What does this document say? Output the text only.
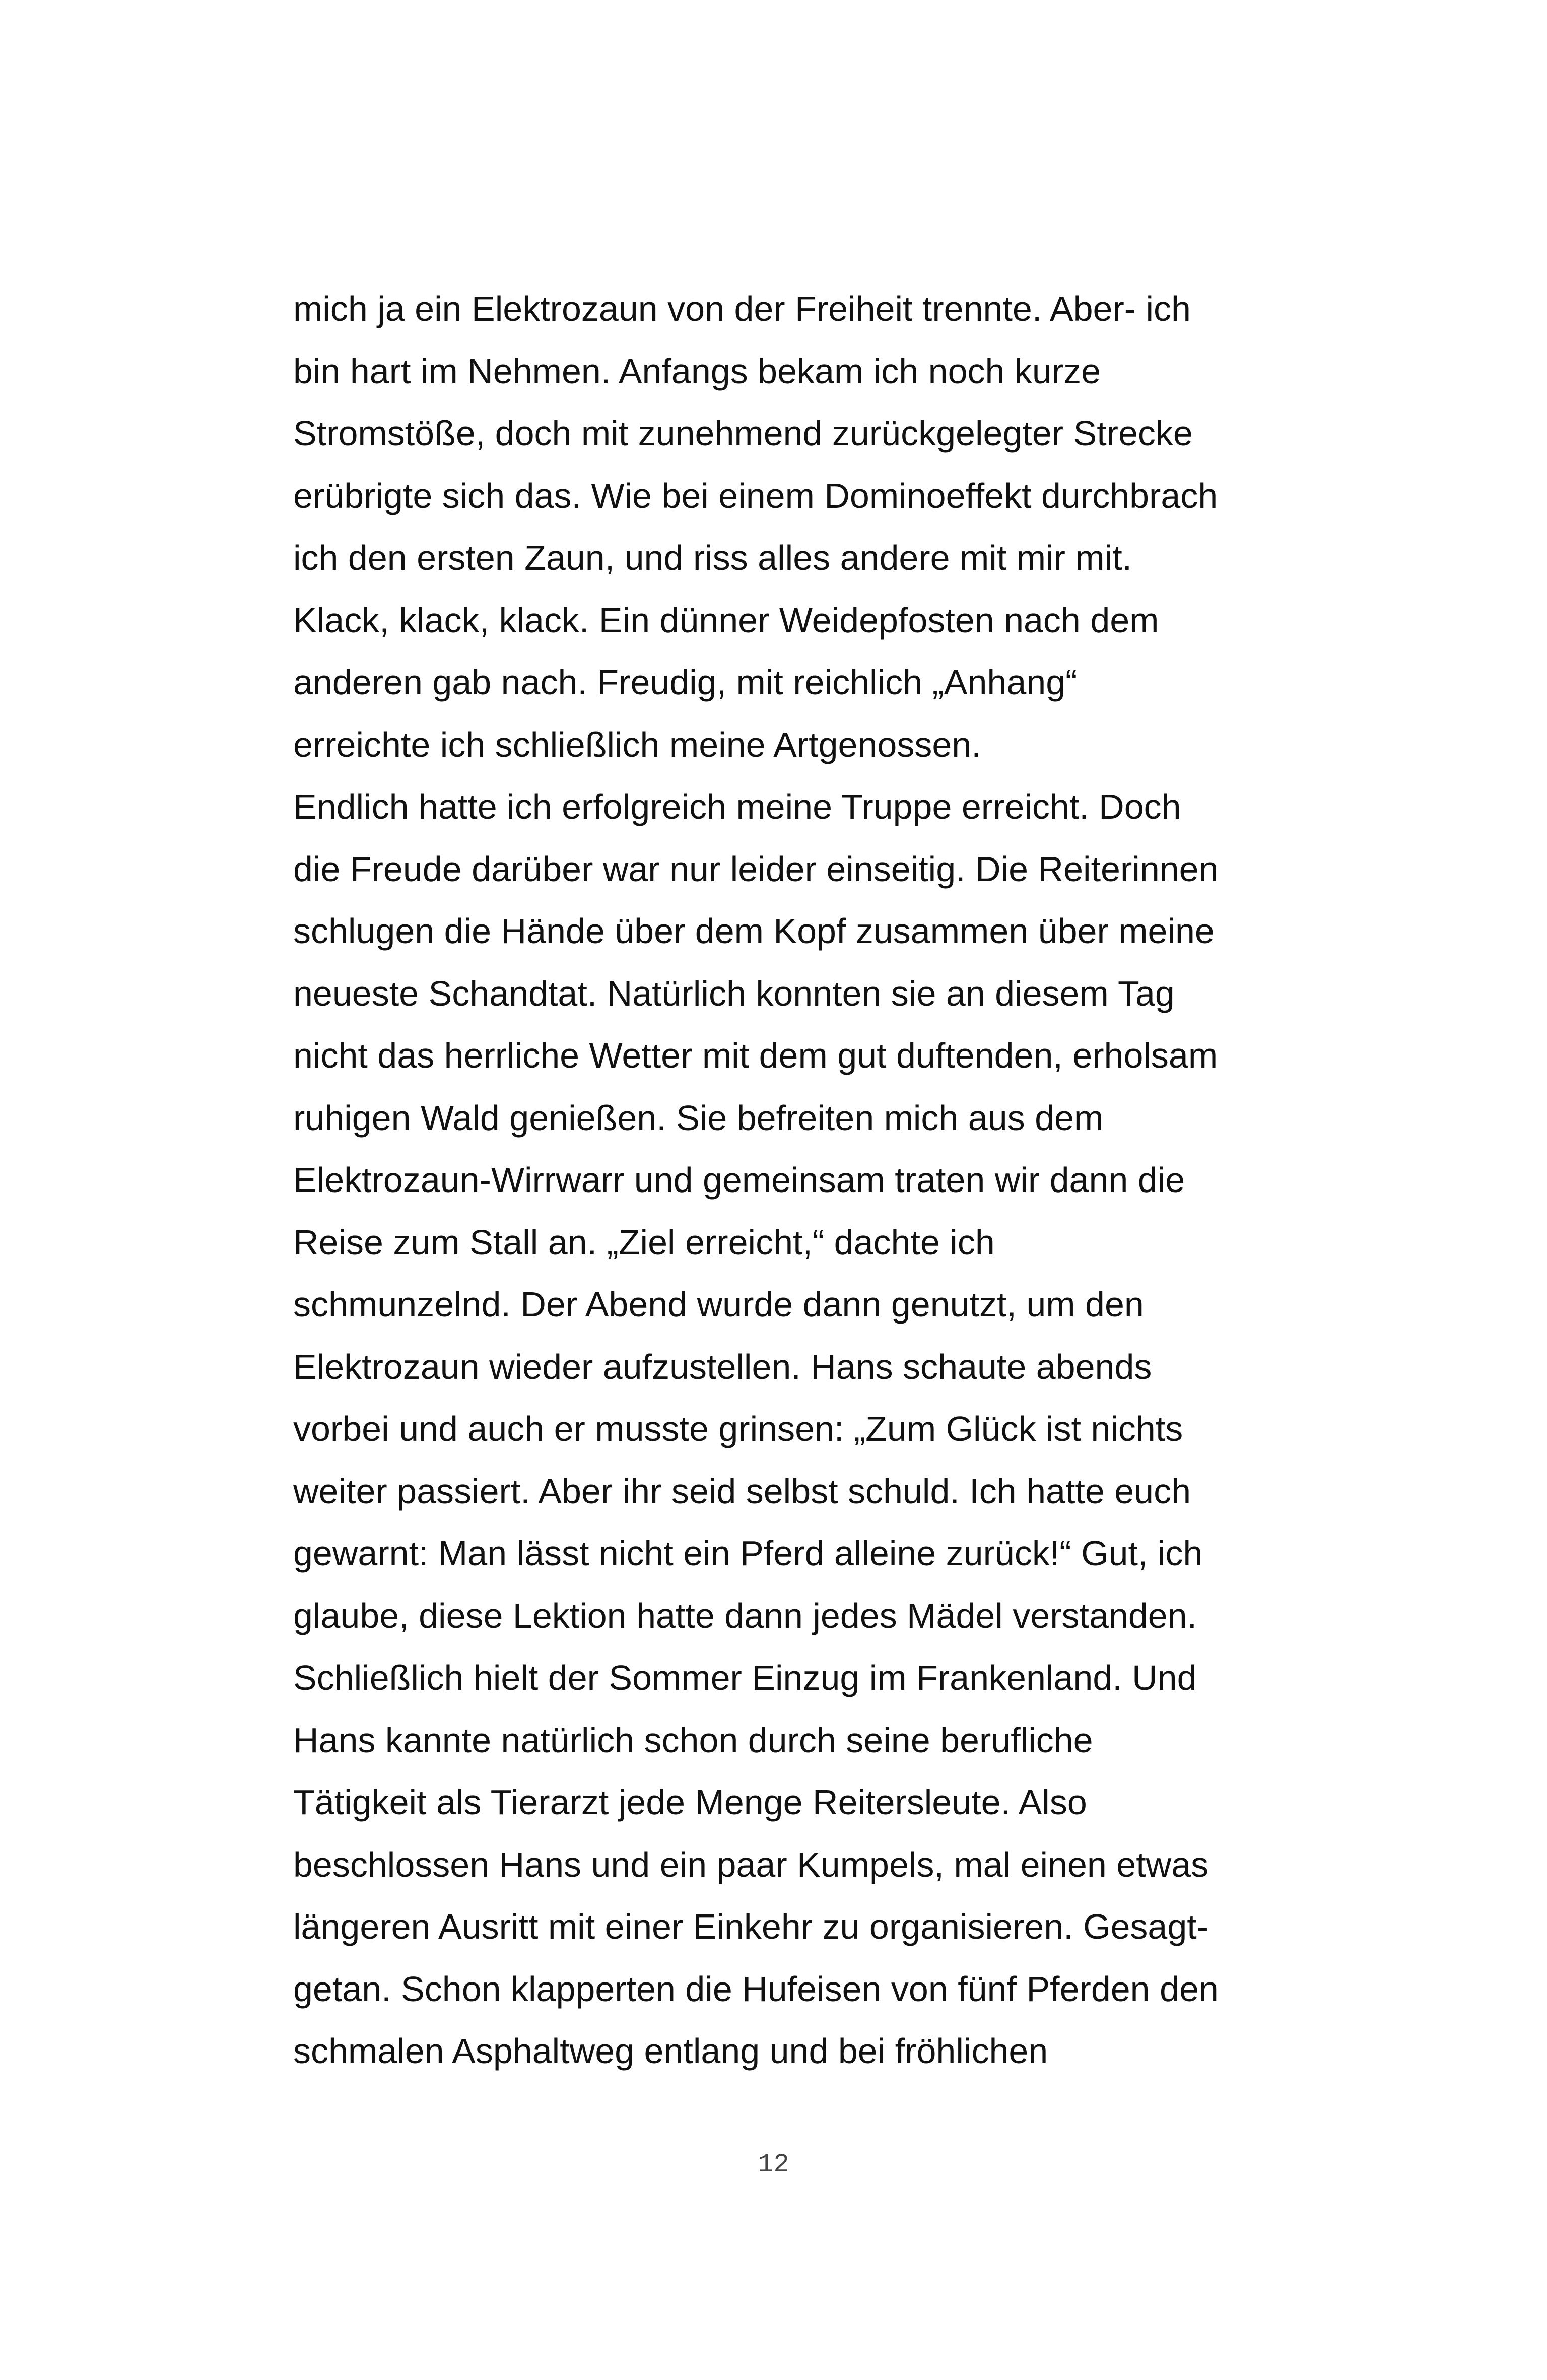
mich ja ein Elektrozaun von der Freiheit trennte. Aber- ich
bin hart im Nehmen. Anfangs bekam ich noch kurze
Stromstöße, doch mit zunehmend zurückgelegter Strecke
erübrigte sich das. Wie bei einem Dominoeffekt durchbrach
ich den ersten Zaun, und riss alles andere mit mir mit.
Klack, klack, klack. Ein dünner Weidepfosten nach dem
anderen gab nach. Freudig, mit reichlich „Anhang“
erreichte ich schließlich meine Artgenossen.
Endlich hatte ich erfolgreich meine Truppe erreicht. Doch
die Freude darüber war nur leider einseitig. Die Reiterinnen
schlugen die Hände über dem Kopf zusammen über meine
neueste Schandtat. Natürlich konnten sie an diesem Tag
nicht das herrliche Wetter mit dem gut duftenden, erholsam
ruhigen Wald genießen. Sie befreiten mich aus dem
Elektrozaun-Wirrwarr und gemeinsam traten wir dann die
Reise zum Stall an. „Ziel erreicht,“ dachte ich
schmunzelnd. Der Abend wurde dann genutzt, um den
Elektrozaun wieder aufzustellen. Hans schaute abends
vorbei und auch er musste grinsen: „Zum Glück ist nichts
weiter passiert. Aber ihr seid selbst schuld. Ich hatte euch
gewarnt: Man lässt nicht ein Pferd alleine zurück!“ Gut, ich
glaube, diese Lektion hatte dann jedes Mädel verstanden.
Schließlich hielt der Sommer Einzug im Frankenland. Und
Hans kannte natürlich schon durch seine berufliche
Tätigkeit als Tierarzt jede Menge Reitersleute. Also
beschlossen Hans und ein paar Kumpels, mal einen etwas
längeren Ausritt mit einer Einkehr zu organisieren. Gesagt-
getan. Schon klapperten die Hufeisen von fünf Pferden den
schmalen Asphaltweg entlang und bei fröhlichen
12
